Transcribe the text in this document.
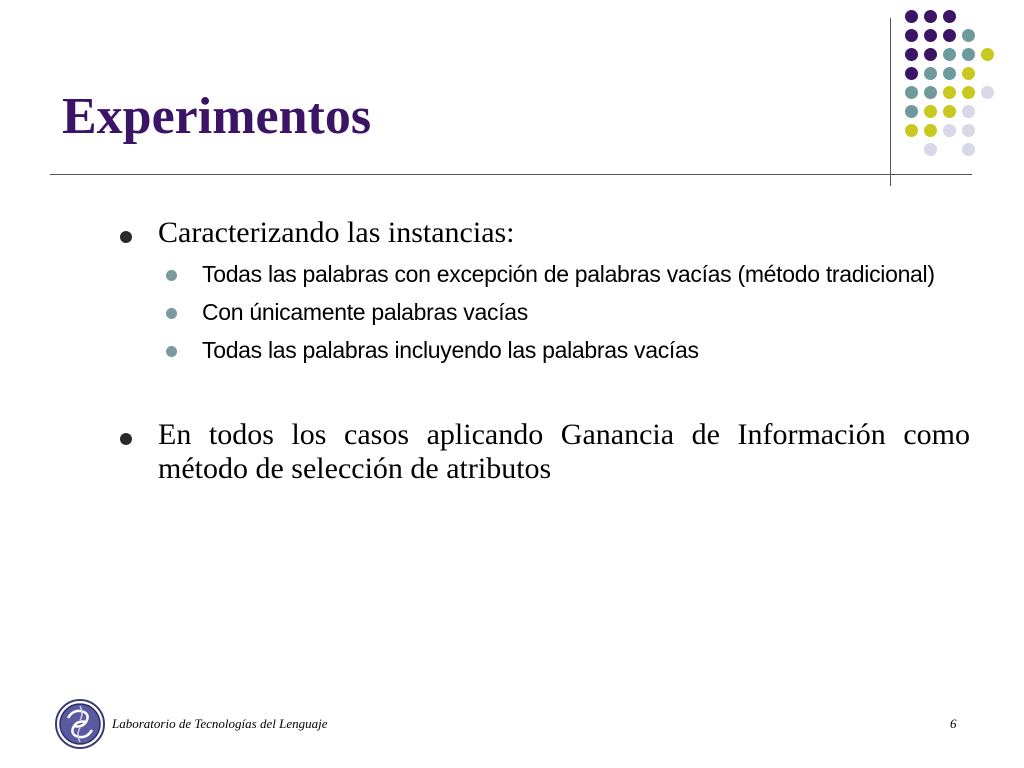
Experimentos

Caracterizando las instancias:

Todas las palabras con excepción de palabras vacías (método tradicional)
Con únicamente palabras vacías
Todas las palabras incluyendo las palabras vacías

En todos los casos aplicando Ganancia de Información como método de selección de atributos

Laboratorio de Tecnologías del Lenguaje	6
